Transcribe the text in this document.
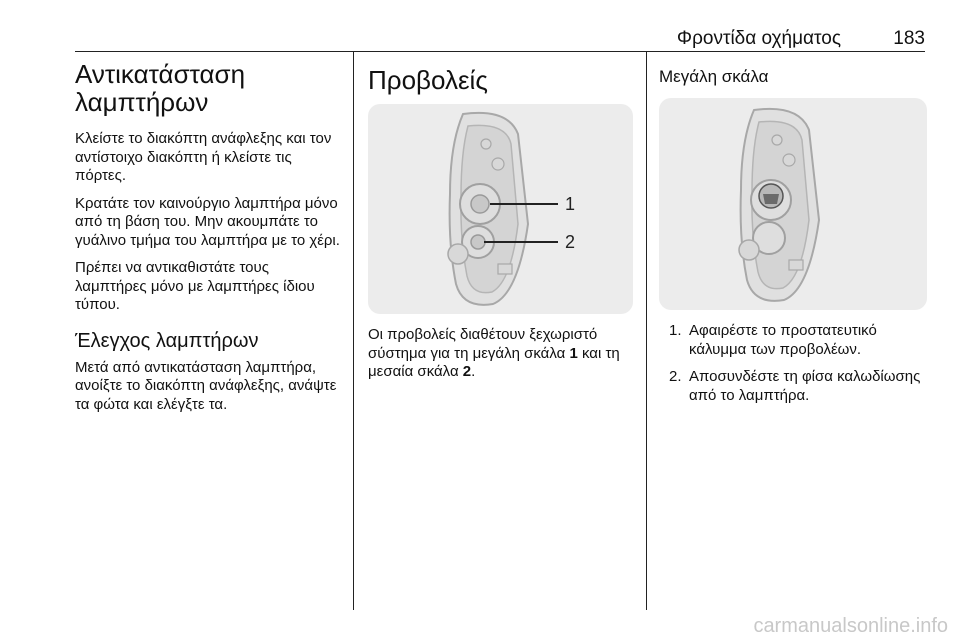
Φροντίδα οχήματος	183
Αντικατάσταση λαμπτήρων

Κλείστε το διακόπτη ανάφλεξης και τον αντίστοιχο διακόπτη ή κλείστε τις πόρτες.

Κρατάτε τον καινούργιο λαμπτήρα μόνο από τη βάση του. Μην ακουμπάτε το γυάλινο τμήμα του λαμπτήρα με το χέρι.

Πρέπει να αντικαθιστάτε τους λαμπτήρες μόνο με λαμπτήρες ίδιου τύπου.

Έλεγχος λαμπτήρων

Μετά από αντικατάσταση λαμπτήρα, ανοίξτε το διακόπτη ανάφλεξης, ανάψτε τα φώτα και ελέγξτε τα.

Προβολείς
1
2

Οι προβολείς διαθέτουν ξεχωριστό σύστημα για τη μεγάλη σκάλα 1 και τη μεσαία σκάλα 2.

Μεγάλη σκάλα
1. Αφαιρέστε το προστατευτικό κάλυμμα των προβολέων.
2. Αποσυνδέστε τη φίσα καλωδίωσης από το λαμπτήρα.
carmanualsonline.info
